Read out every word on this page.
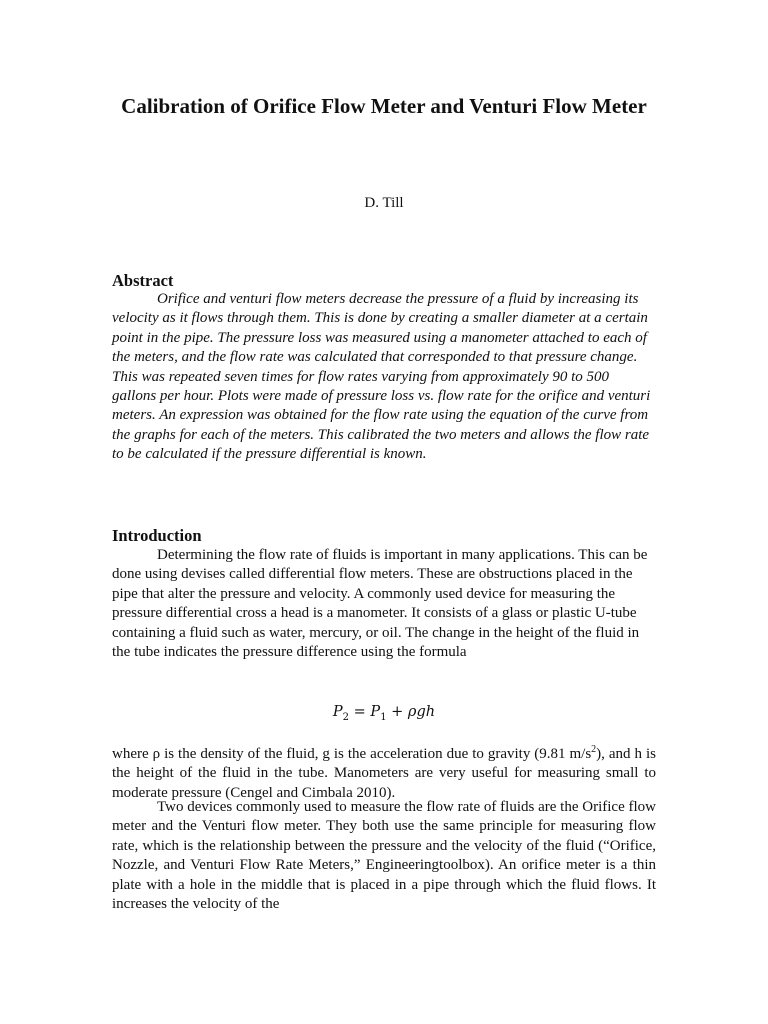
Calibration of Orifice Flow Meter and Venturi Flow Meter
D. Till
Abstract

Orifice and venturi flow meters decrease the pressure of a fluid by increasing its velocity as it flows through them. This is done by creating a smaller diameter at a certain point in the pipe. The pressure loss was measured using a manometer attached to each of the meters, and the flow rate was calculated that corresponded to that pressure change. This was repeated seven times for flow rates varying from approximately 90 to 500 gallons per hour. Plots were made of pressure loss vs. flow rate for the orifice and venturi meters. An expression was obtained for the flow rate using the equation of the curve from the graphs for each of the meters. This calibrated the two meters and allows the flow rate to be calculated if the pressure differential is known.

Introduction

Determining the flow rate of fluids is important in many applications. This can be done using devises called differential flow meters. These are obstructions placed in the pipe that alter the pressure and velocity. A commonly used device for measuring the pressure differential cross a head is a manometer. It consists of a glass or plastic U-tube containing a fluid such as water, mercury, or oil. The change in the height of the fluid in the tube indicates the pressure difference using the formula

$P_2 = P_1 + \rho gh$

where ρ is the density of the fluid, g is the acceleration due to gravity (9.81 $m/s^2$), and h is the height of the fluid in the tube. Manometers are very useful for measuring small to moderate pressure (Cengel and Cimbala 2010).

Two devices commonly used to measure the flow rate of fluids are the Orifice flow meter and the Venturi flow meter. They both use the same principle for measuring flow rate, which is the relationship between the pressure and the velocity of the fluid (“Orifice, Nozzle, and Venturi Flow Rate Meters,” Engineeringtoolbox). An orifice meter is a thin plate with a hole in the middle that is placed in a pipe through which the fluid flows. It increases the velocity of the
